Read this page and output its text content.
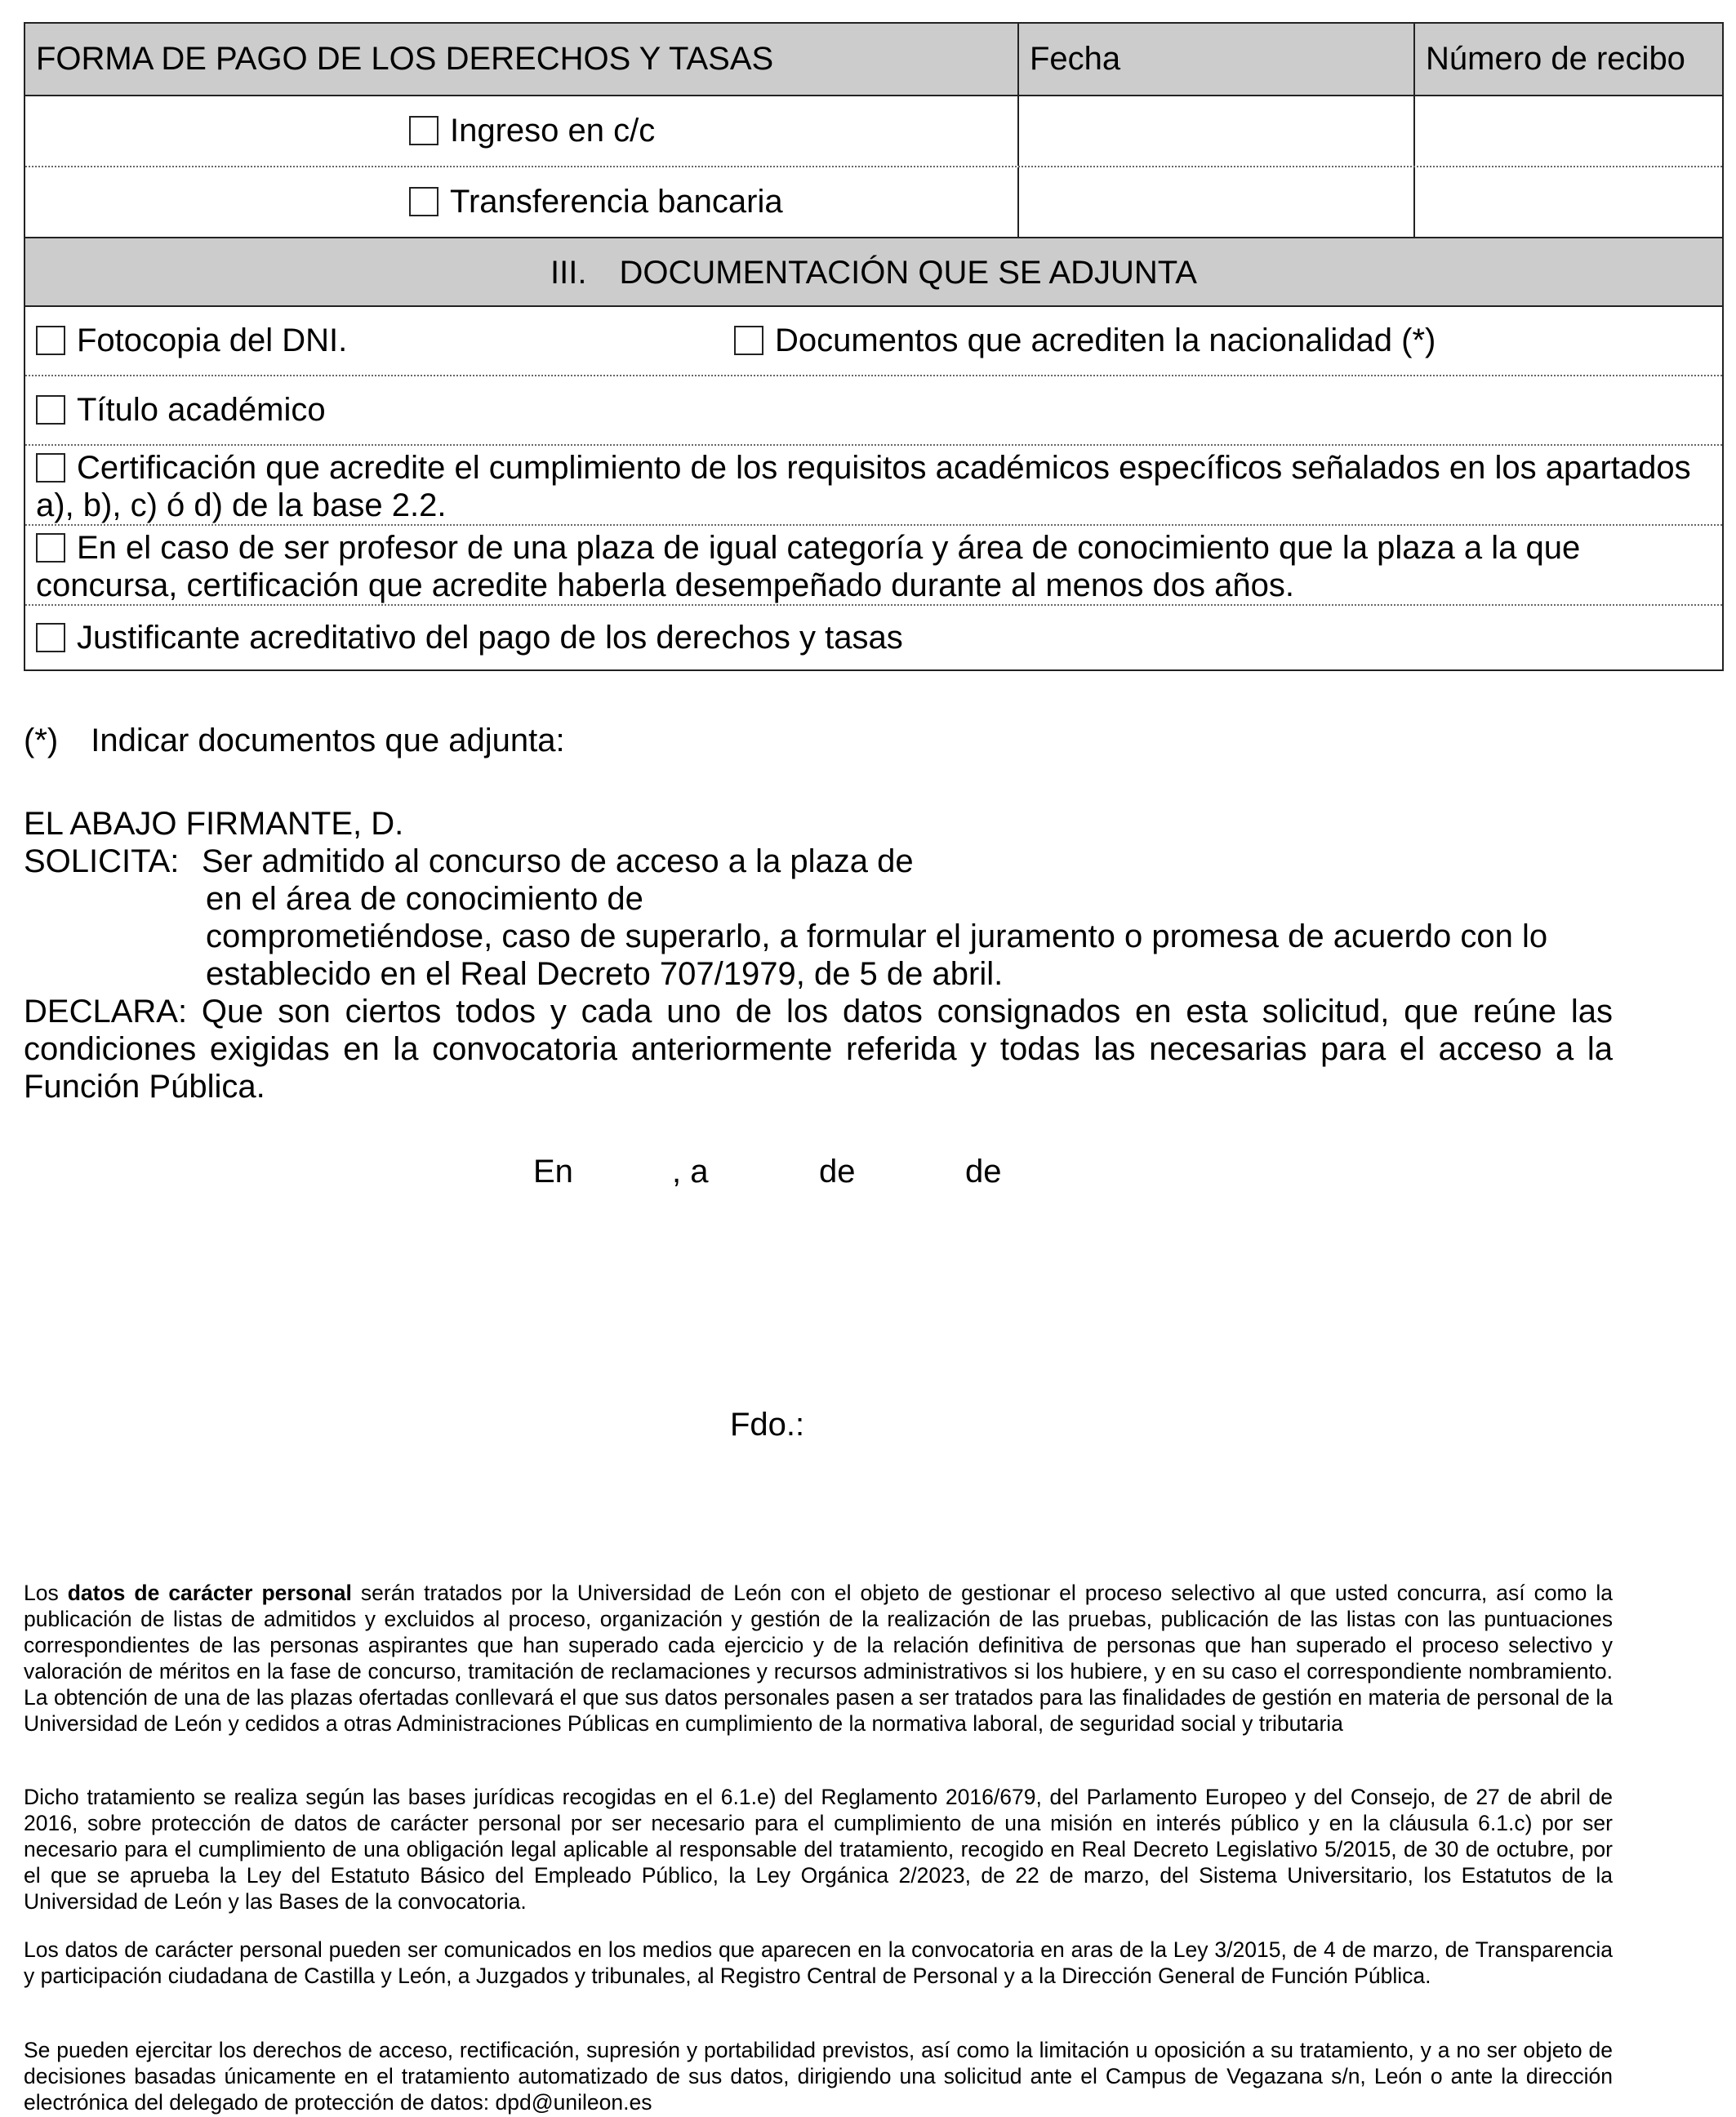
FORMA DE PAGO DE LOS DERECHOS Y TASAS	Fecha	Número de recibo
Ingreso en c/c
Transferencia bancaria
III. DOCUMENTACIÓN QUE SE ADJUNTA
Fotocopia del DNI.	Documentos que acrediten la nacionalidad (*)
Título académico
Certificación que acredite el cumplimiento de los requisitos académicos específicos señalados en los apartados a), b), c) ó d) de la base 2.2.
En el caso de ser profesor de una plaza de igual categoría y área de conocimiento que la plaza a la que concursa, certificación que acredite haberla desempeñado durante al menos dos años.
Justificante acreditativo del pago de los derechos y tasas
(*) Indicar documentos que adjunta:
EL ABAJO FIRMANTE, D.
SOLICITA: Ser admitido al concurso de acceso a la plaza de
en el área de conocimiento de
comprometiéndose, caso de superarlo, a formular el juramento o promesa de acuerdo con lo
establecido en el Real Decreto 707/1979, de 5 de abril.
DECLARA: Que son ciertos todos y cada uno de los datos consignados en esta solicitud, que reúne las condiciones exigidas en la convocatoria anteriormente referida y todas las necesarias para el acceso a la Función Pública.
En	, a	de	de
Fdo.:
Los datos de carácter personal serán tratados por la Universidad de León con el objeto de gestionar el proceso selectivo al que usted concurra, así como la publicación de listas de admitidos y excluidos al proceso, organización y gestión de la realización de las pruebas, publicación de las listas con las puntuaciones correspondientes de las personas aspirantes que han superado cada ejercicio y de la relación definitiva de personas que han superado el proceso selectivo y valoración de méritos en la fase de concurso, tramitación de reclamaciones y recursos administrativos si los hubiere, y en su caso el correspondiente nombramiento. La obtención de una de las plazas ofertadas conllevará el que sus datos personales pasen a ser tratados para las finalidades de gestión en materia de personal de la Universidad de León y cedidos a otras Administraciones Públicas en cumplimiento de la normativa laboral, de seguridad social y tributaria
Dicho tratamiento se realiza según las bases jurídicas recogidas en el 6.1.e) del Reglamento 2016/679, del Parlamento Europeo y del Consejo, de 27 de abril de 2016, sobre protección de datos de carácter personal por ser necesario para el cumplimiento de una misión en interés público y en la cláusula 6.1.c) por ser necesario para el cumplimiento de una obligación legal aplicable al responsable del tratamiento, recogido en Real Decreto Legislativo 5/2015, de 30 de octubre, por el que se aprueba la Ley del Estatuto Básico del Empleado Público, la Ley Orgánica 2/2023, de 22 de marzo, del Sistema Universitario, los Estatutos de la Universidad de León y las Bases de la convocatoria.
Los datos de carácter personal pueden ser comunicados en los medios que aparecen en la convocatoria en aras de la Ley 3/2015, de 4 de marzo, de Transparencia y participación ciudadana de Castilla y León, a Juzgados y tribunales, al Registro Central de Personal y a la Dirección General de Función Pública.
Se pueden ejercitar los derechos de acceso, rectificación, supresión y portabilidad previstos, así como la limitación u oposición a su tratamiento, y a no ser objeto de decisiones basadas únicamente en el tratamiento automatizado de sus datos, dirigiendo una solicitud ante el Campus de Vegazana s/n, León o ante la dirección electrónica del delegado de protección de datos: dpd@unileon.es
